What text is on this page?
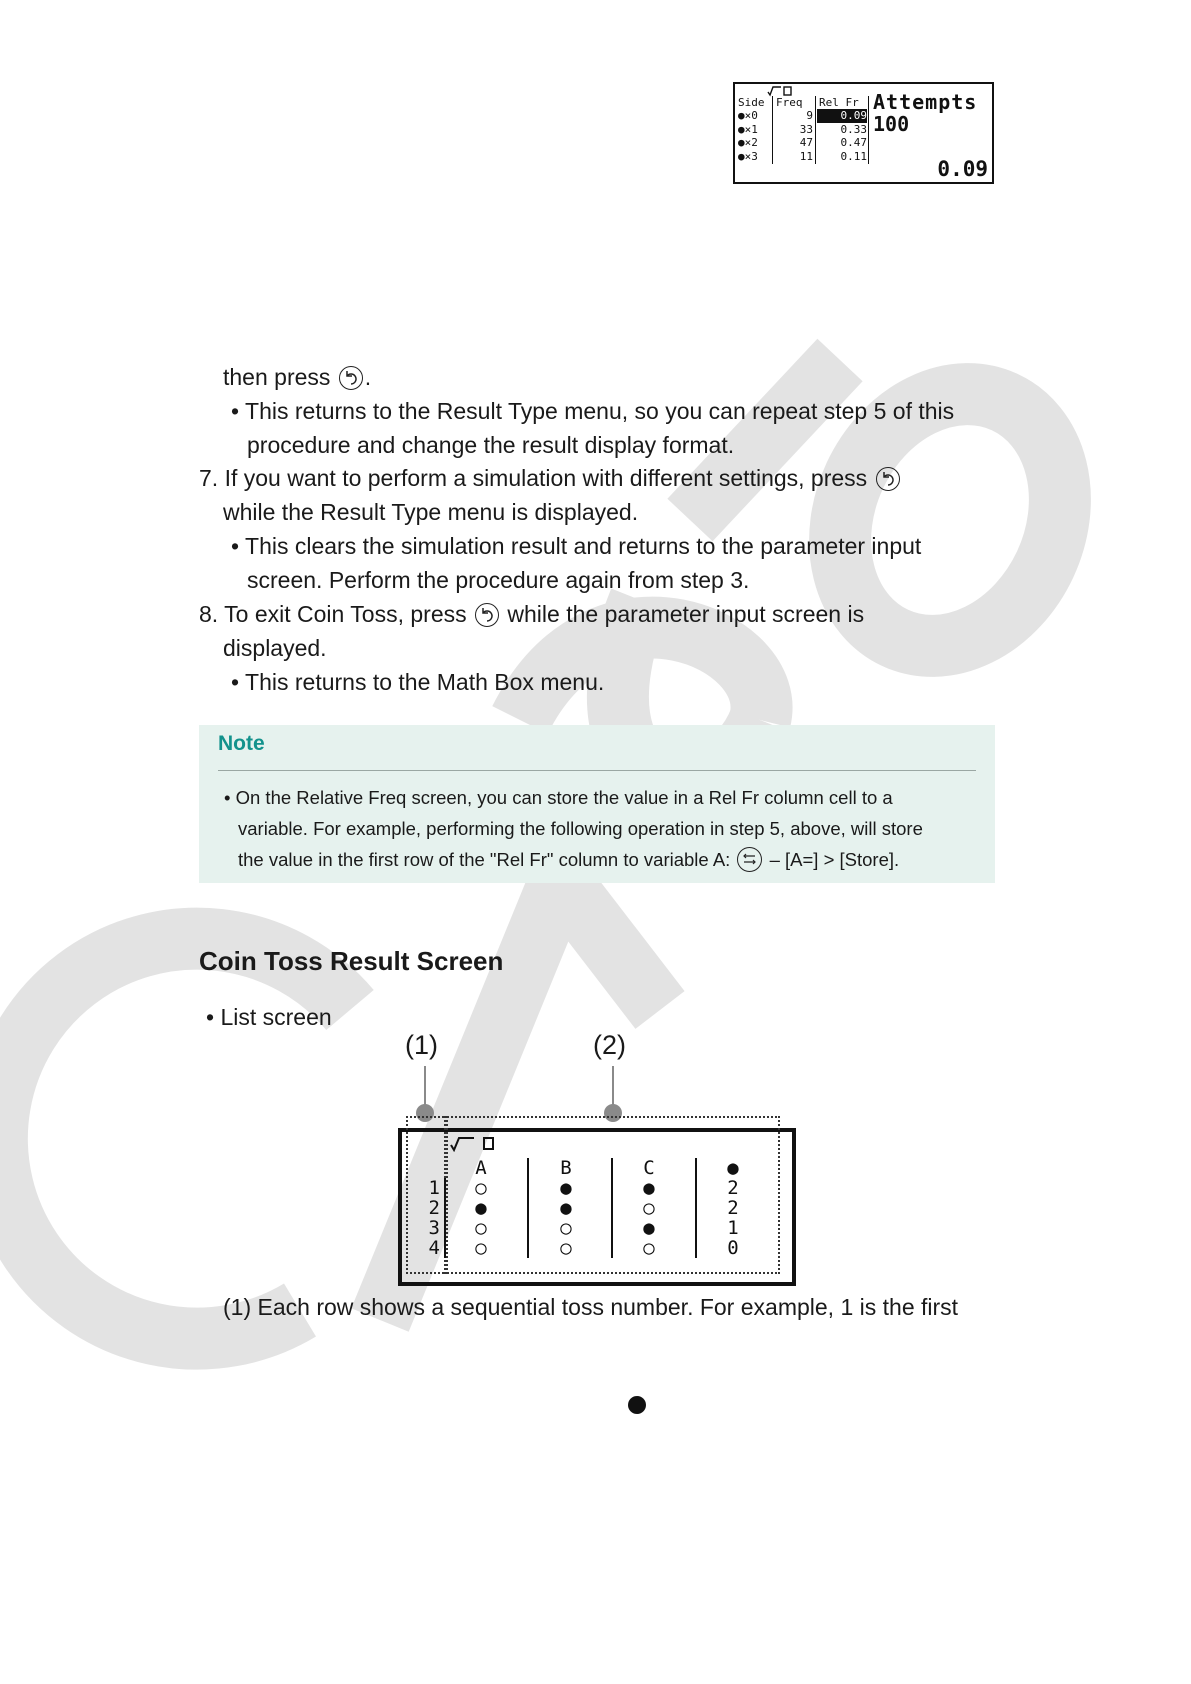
Side Freq Rel Fr
●×0
●×1
●×2
●×3
9
33
47
11
0.09
0.33
0.47
0.11
Attempts
100
0.09
then press .
• This returns to the Result Type menu, so you can repeat step 5 of this
procedure and change the result display format.
7. If you want to perform a simulation with different settings, press
while the Result Type menu is displayed.
• This clears the simulation result and returns to the parameter input
screen. Perform the procedure again from step 3.
8. To exit Coin Toss, press while the parameter input screen is
displayed.
• This returns to the Math Box menu.
Note
• On the Relative Freq screen, you can store the value in a Rel Fr column cell to a
variable. For example, performing the following operation in step 5, above, will store
the value in the first row of the "Rel Fr" column to variable A: – [A=] > [Store].
Coin Toss Result Screen
• List screen
(1)	(2)
1
2
3
4
A
○
●
○
○
B
●
●
○
○
C
●
○
●
○
●
2
2
1
0
(1) Each row shows a sequential toss number. For example, 1 is the first
